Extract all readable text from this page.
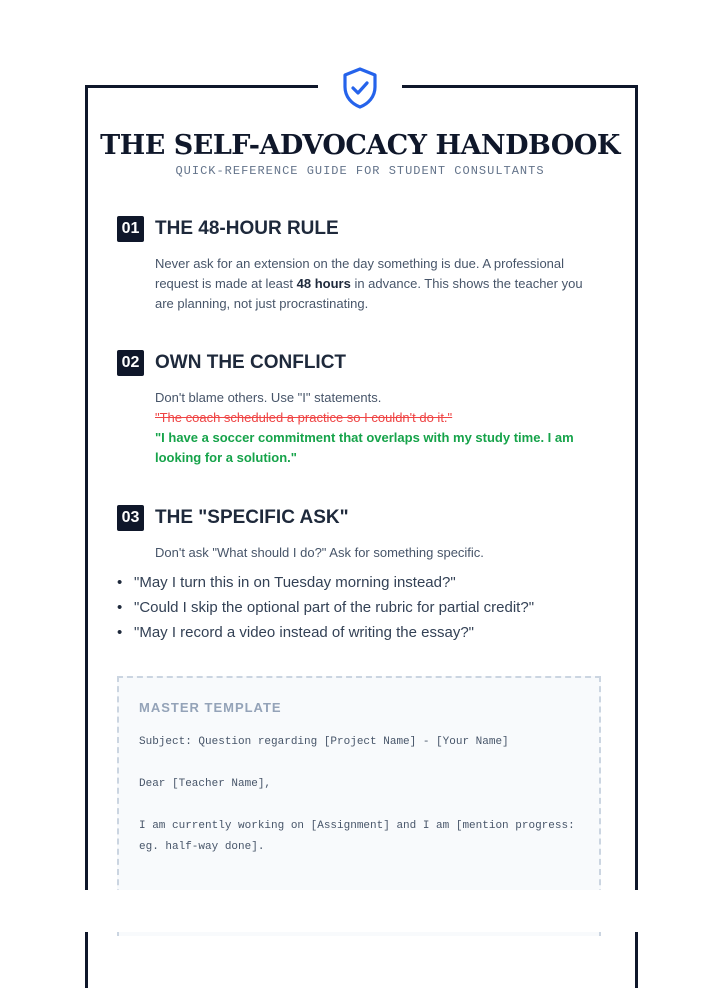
THE SELF-ADVOCACY HANDBOOK
QUICK-REFERENCE GUIDE FOR STUDENT CONSULTANTS
01 THE 48-HOUR RULE

Never ask for an extension on the day something is due. A professional request is made at least 48 hours in advance. This shows the teacher you are planning, not just procrastinating.

02 OWN THE CONFLICT

Don't blame others. Use "I" statements.

"The coach scheduled a practice so I couldn't do it."

"I have a soccer commitment that overlaps with my study time. I am looking for a solution."

03 THE "SPECIFIC ASK"

Don't ask "What should I do?" Ask for something specific.

• "May I turn this in on Tuesday morning instead?"
• "Could I skip the optional part of the rubric for partial credit?"
• "May I record a video instead of writing the essay?"
MASTER TEMPLATE

Subject: Question regarding [Project Name] - [Your Name]

Dear [Teacher Name],

I am currently working on [Assignment] and I am [mention progress: eg. half-way done].
